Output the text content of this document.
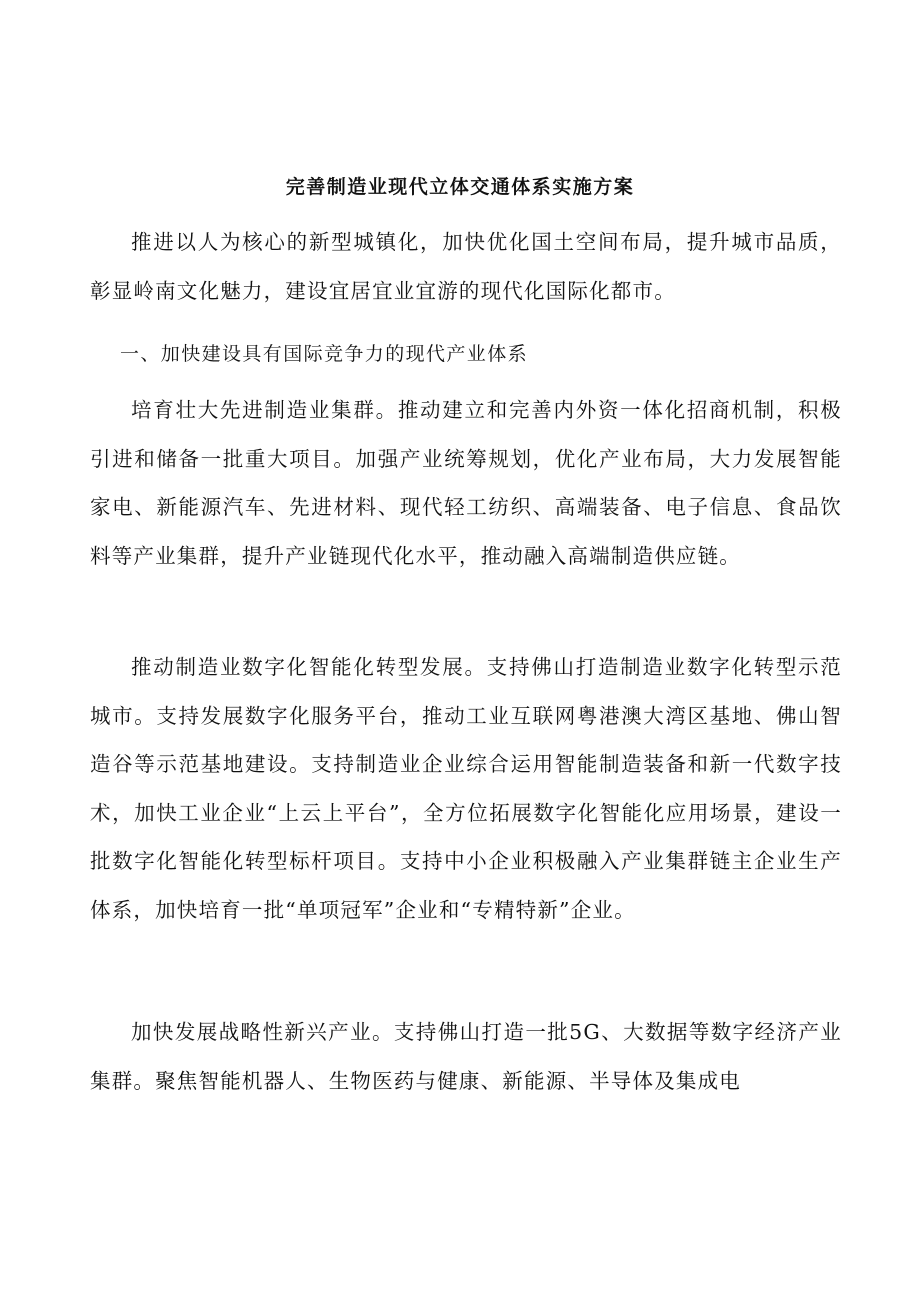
完善制造业现代立体交通体系实施方案

推进以人为核心的新型城镇化，加快优化国土空间布局，提升城市品质，彰显岭南文化魅力，建设宜居宜业宜游的现代化国际化都市。

一、加快建设具有国际竞争力的现代产业体系

培育壮大先进制造业集群。推动建立和完善内外资一体化招商机制，积极引进和储备一批重大项目。加强产业统筹规划，优化产业布局，大力发展智能家电、新能源汽车、先进材料、现代轻工纺织、高端装备、电子信息、食品饮料等产业集群，提升产业链现代化水平，推动融入高端制造供应链。

推动制造业数字化智能化转型发展。支持佛山打造制造业数字化转型示范城市。支持发展数字化服务平台，推动工业互联网粤港澳大湾区基地、佛山智造谷等示范基地建设。支持制造业企业综合运用智能制造装备和新一代数字技术，加快工业企业“上云上平台”，全方位拓展数字化智能化应用场景，建设一批数字化智能化转型标杆项目。支持中小企业积极融入产业集群链主企业生产体系，加快培育一批“单项冠军”企业和“专精特新”企业。

加快发展战略性新兴产业。支持佛山打造一批5G、大数据等数字经济产业集群。聚焦智能机器人、生物医药与健康、新能源、半导体及集成电
